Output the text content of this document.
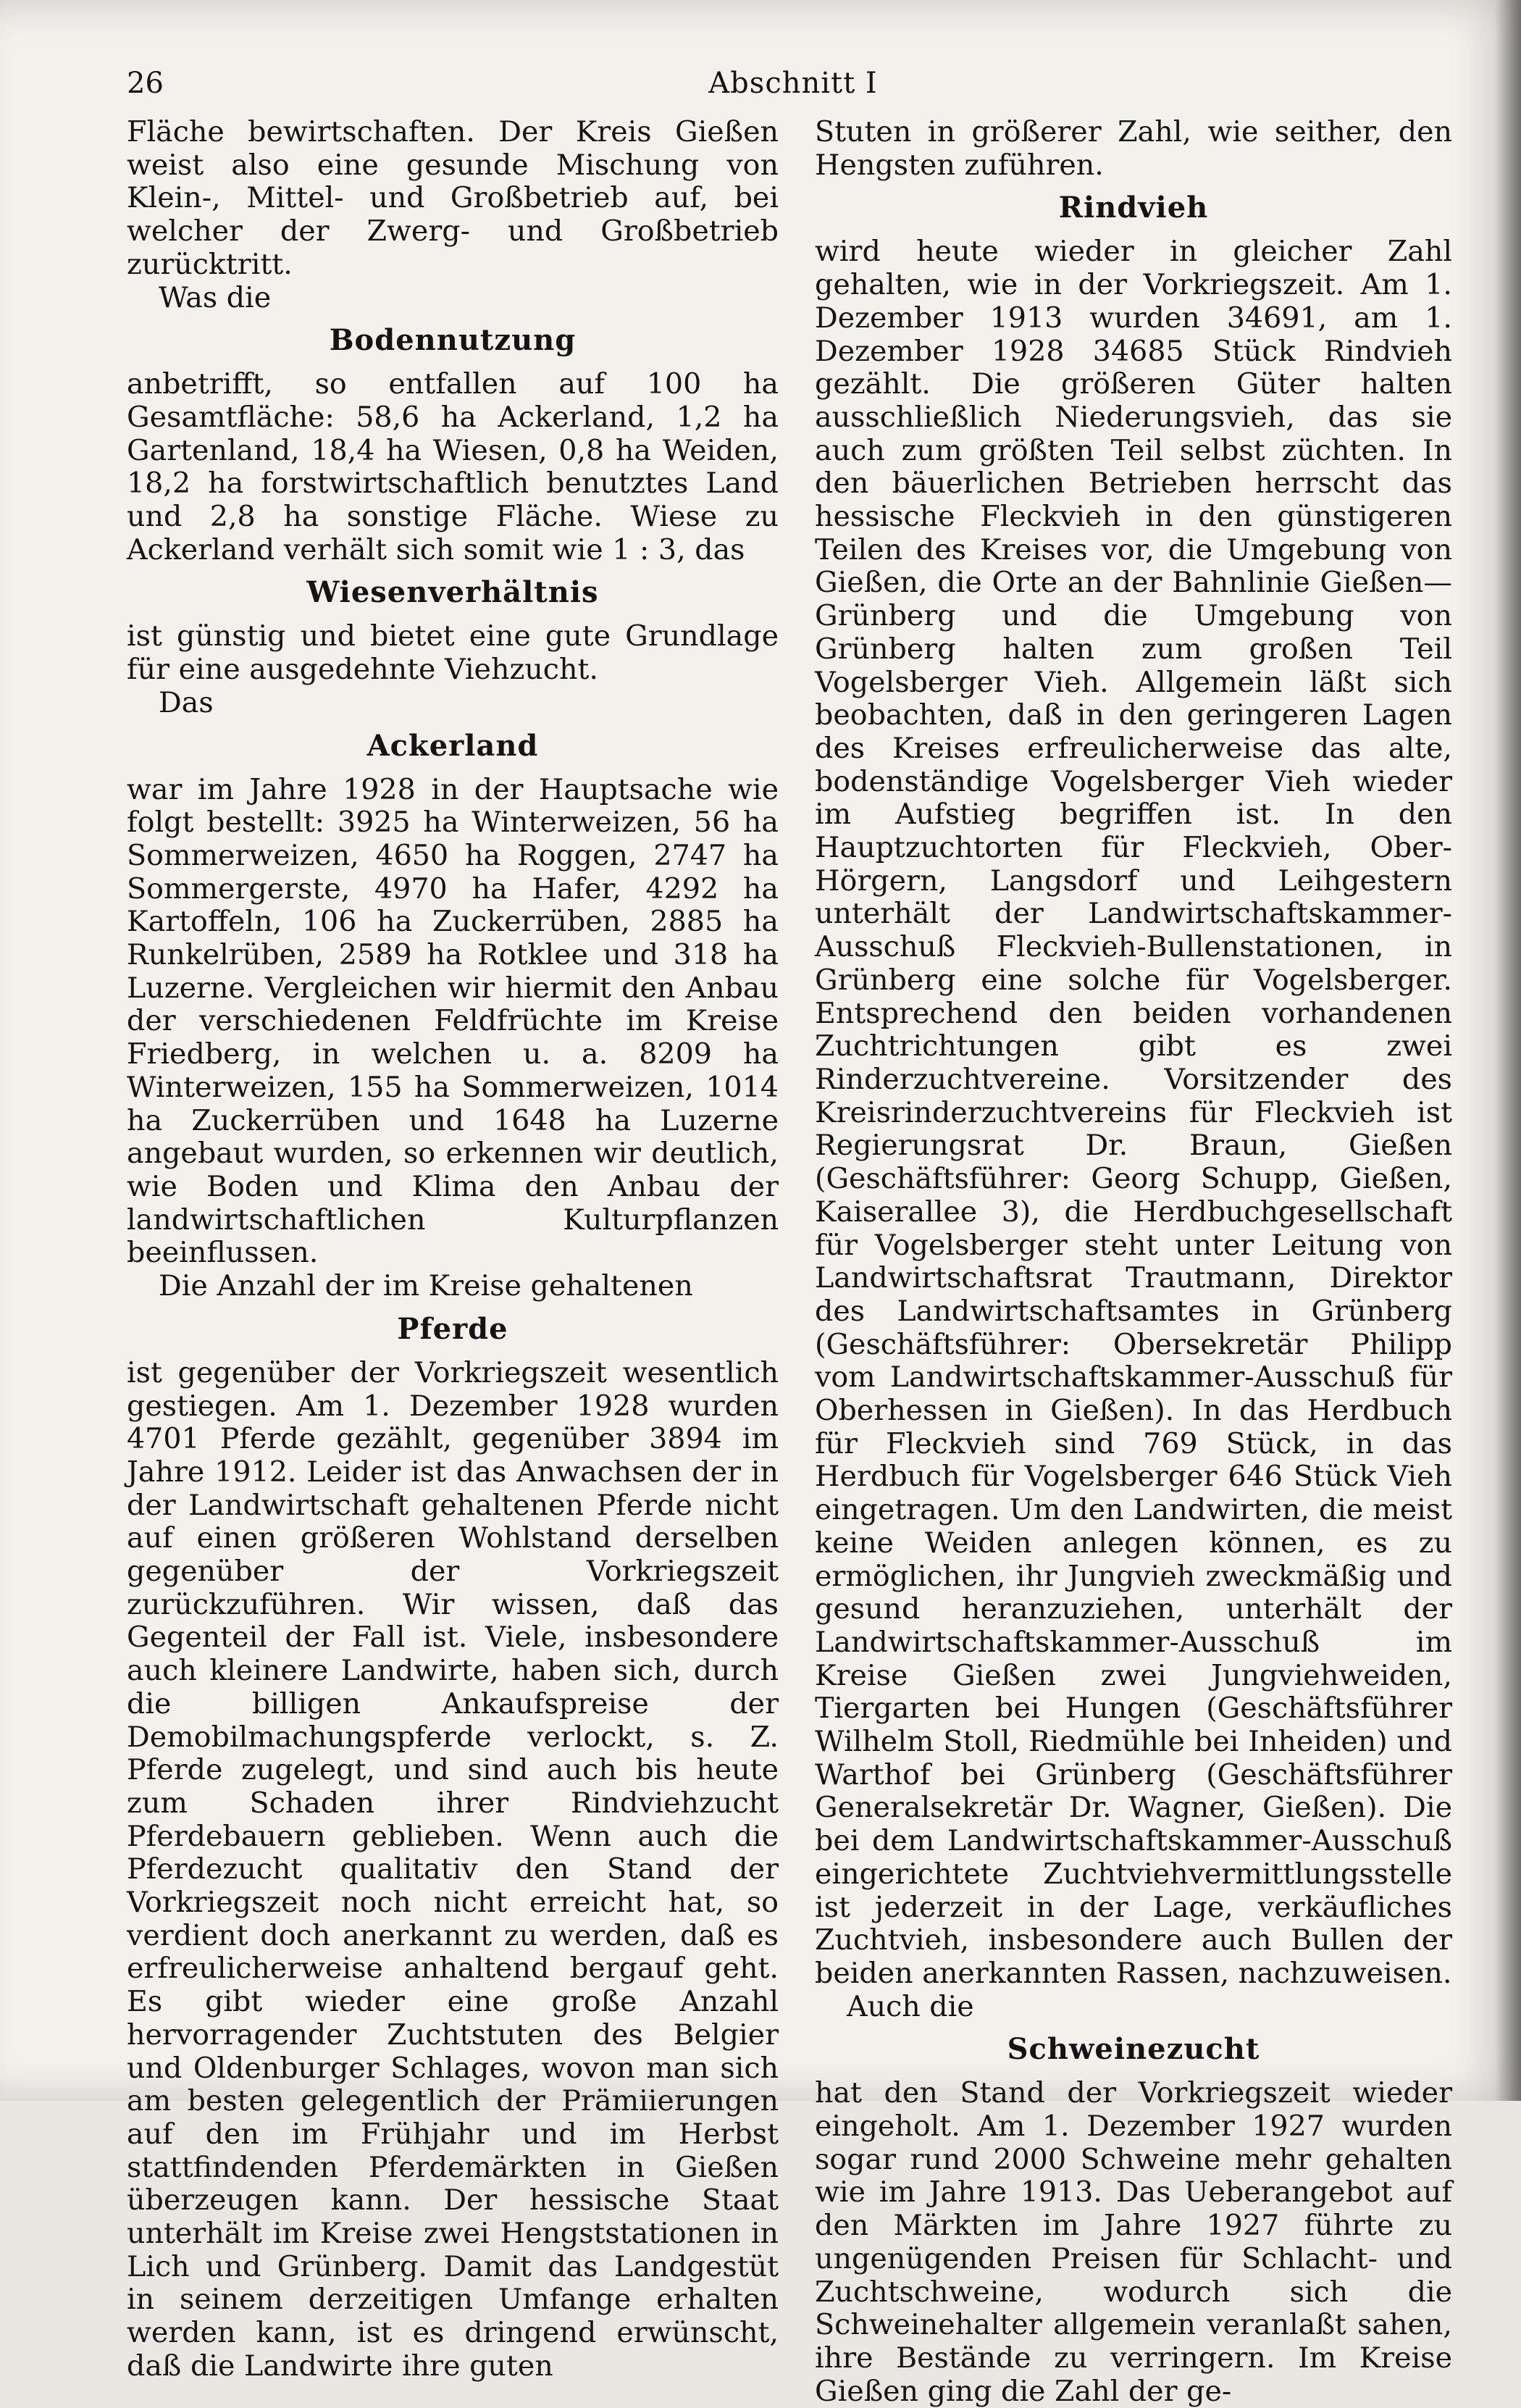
26	Abschnitt I

Fläche bewirtschaften. Der Kreis Gießen weist also eine gesunde Mischung von Klein-, Mittel- und Großbetrieb auf, bei welcher der Zwerg- und Großbetrieb zurücktritt.

Was die

Bodennutzung

anbetrifft, so entfallen auf 100 ha Gesamtfläche: 58,6 ha Ackerland, 1,2 ha Gartenland, 18,4 ha Wiesen, 0,8 ha Weiden, 18,2 ha forstwirtschaftlich benutztes Land und 2,8 ha sonstige Fläche. Wiese zu Ackerland verhält sich somit wie 1 : 3, das

Wiesenverhältnis

ist günstig und bietet eine gute Grundlage für eine ausgedehnte Viehzucht.

Das

Ackerland

war im Jahre 1928 in der Hauptsache wie folgt bestellt: 3925 ha Winterweizen, 56 ha Sommerweizen, 4650 ha Roggen, 2747 ha Sommergerste, 4970 ha Hafer, 4292 ha Kartoffeln, 106 ha Zuckerrüben, 2885 ha Runkelrüben, 2589 ha Rotklee und 318 ha Luzerne. Vergleichen wir hiermit den Anbau der verschiedenen Feldfrüchte im Kreise Friedberg, in welchen u. a. 8209 ha Winterweizen, 155 ha Sommerweizen, 1014 ha Zuckerrüben und 1648 ha Luzerne angebaut wurden, so erkennen wir deutlich, wie Boden und Klima den Anbau der landwirtschaftlichen Kulturpflanzen beeinflussen.

Die Anzahl der im Kreise gehaltenen

Pferde

ist gegenüber der Vorkriegszeit wesentlich gestiegen. Am 1. Dezember 1928 wurden 4701 Pferde gezählt, gegenüber 3894 im Jahre 1912. Leider ist das Anwachsen der in der Landwirtschaft gehaltenen Pferde nicht auf einen größeren Wohlstand derselben gegenüber der Vorkriegszeit zurückzuführen. Wir wissen, daß das Gegenteil der Fall ist. Viele, insbesondere auch kleinere Landwirte, haben sich, durch die billigen Ankaufspreise der Demobilmachungspferde verlockt, s. Z. Pferde zugelegt, und sind auch bis heute zum Schaden ihrer Rindviehzucht Pferdebauern geblieben. Wenn auch die Pferdezucht qualitativ den Stand der Vorkriegszeit noch nicht erreicht hat, so verdient doch anerkannt zu werden, daß es erfreulicherweise anhaltend bergauf geht. Es gibt wieder eine große Anzahl hervorragender Zuchtstuten des Belgier und Oldenburger Schlages, wovon man sich am besten gelegentlich der Prämiierungen auf den im Frühjahr und im Herbst stattfindenden Pferdemärkten in Gießen überzeugen kann. Der hessische Staat unterhält im Kreise zwei Hengststationen in Lich und Grünberg. Damit das Landgestüt in seinem derzeitigen Umfange erhalten werden kann, ist es dringend erwünscht, daß die Landwirte ihre guten

Stuten in größerer Zahl, wie seither, den Hengsten zuführen.

Rindvieh

wird heute wieder in gleicher Zahl gehalten, wie in der Vorkriegszeit. Am 1. Dezember 1913 wurden 34691, am 1. Dezember 1928 34685 Stück Rindvieh gezählt. Die größeren Güter halten ausschließlich Niederungsvieh, das sie auch zum größten Teil selbst züchten. In den bäuerlichen Betrieben herrscht das hessische Fleckvieh in den günstigeren Teilen des Kreises vor, die Umgebung von Gießen, die Orte an der Bahnlinie Gießen—Grünberg und die Umgebung von Grünberg halten zum großen Teil Vogelsberger Vieh. Allgemein läßt sich beobachten, daß in den geringeren Lagen des Kreises erfreulicherweise das alte, bodenständige Vogelsberger Vieh wieder im Aufstieg begriffen ist. In den Hauptzuchtorten für Fleckvieh, Ober-Hörgern, Langsdorf und Leihgestern unterhält der Landwirtschaftskammer-Ausschuß Fleckvieh-Bullenstationen, in Grünberg eine solche für Vogelsberger. Entsprechend den beiden vorhandenen Zuchtrichtungen gibt es zwei Rinderzuchtvereine. Vorsitzender des Kreisrinderzuchtvereins für Fleckvieh ist Regierungsrat Dr. Braun, Gießen (Geschäftsführer: Georg Schupp, Gießen, Kaiserallee 3), die Herdbuchgesellschaft für Vogelsberger steht unter Leitung von Landwirtschaftsrat Trautmann, Direktor des Landwirtschaftsamtes in Grünberg (Geschäftsführer: Obersekretär Philipp vom Landwirtschaftskammer-Ausschuß für Oberhessen in Gießen). In das Herdbuch für Fleckvieh sind 769 Stück, in das Herdbuch für Vogelsberger 646 Stück Vieh eingetragen. Um den Landwirten, die meist keine Weiden anlegen können, es zu ermöglichen, ihr Jungvieh zweckmäßig und gesund heranzuziehen, unterhält der Landwirtschaftskammer-Ausschuß im Kreise Gießen zwei Jungviehweiden, Tiergarten bei Hungen (Geschäftsführer Wilhelm Stoll, Riedmühle bei Inheiden) und Warthof bei Grünberg (Geschäftsführer Generalsekretär Dr. Wagner, Gießen). Die bei dem Landwirtschaftskammer-Ausschuß eingerichtete Zuchtviehvermittlungsstelle ist jederzeit in der Lage, verkäufliches Zuchtvieh, insbesondere auch Bullen der beiden anerkannten Rassen, nachzuweisen.

Auch die

Schweinezucht

hat den Stand der Vorkriegszeit wieder eingeholt. Am 1. Dezember 1927 wurden sogar rund 2000 Schweine mehr gehalten wie im Jahre 1913. Das Ueberangebot auf den Märkten im Jahre 1927 führte zu ungenügenden Preisen für Schlacht- und Zuchtschweine, wodurch sich die Schweinehalter allgemein veranlaßt sahen, ihre Bestände zu verringern. Im Kreise Gießen ging die Zahl der ge-
